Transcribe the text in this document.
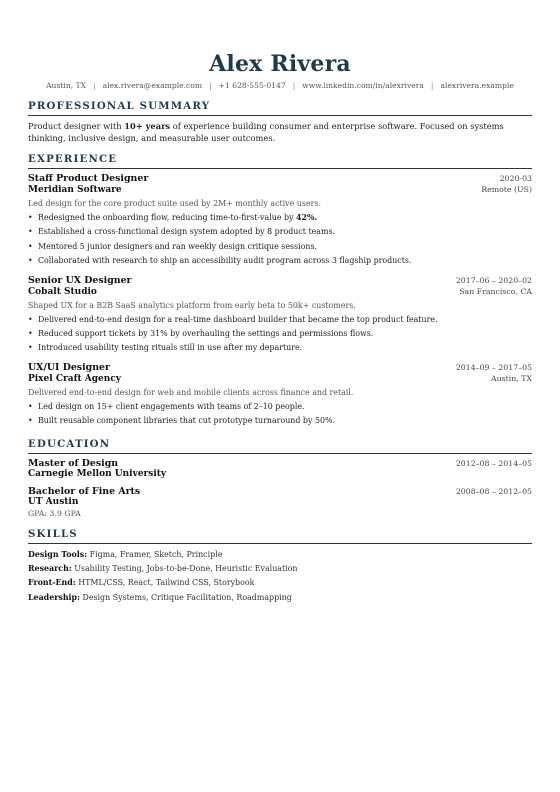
Alex Rivera
Austin, TX | alex.rivera@example.com | +1 628-555-0147 | www.linkedin.com/in/alexrivera | alexrivera.example
PROFESSIONAL SUMMARY

Product designer with 10+ years of experience building consumer and enterprise software. Focused on systems thinking, inclusive design, and measurable user outcomes.

EXPERIENCE
Staff Product Designer	2020-03
Meridian Software	Remote (US)
Led design for the core product suite used by 2M+ monthly active users.
• Redesigned the onboarding flow, reducing time-to-first-value by 42%.
• Established a cross-functional design system adopted by 8 product teams.
• Mentored 5 junior designers and ran weekly design critique sessions.
• Collaborated with research to ship an accessibility audit program across 3 flagship products.
Senior UX Designer	2017–06 – 2020–02
Cobalt Studio	San Francisco, CA
Shaped UX for a B2B SaaS analytics platform from early beta to 50k+ customers.
• Delivered end-to-end design for a real-time dashboard builder that became the top product feature.
• Reduced support tickets by 31% by overhauling the settings and permissions flows.
• Introduced usability testing rituals still in use after my departure.
UX/UI Designer	2014–09 – 2017–05
Pixel Craft Agency	Austin, TX
Delivered end-to-end design for web and mobile clients across finance and retail.
• Led design on 15+ client engagements with teams of 2–10 people.
• Built reusable component libraries that cut prototype turnaround by 50%.
EDUCATION
Master of Design	2012–08 – 2014–05
Carnegie Mellon University
Bachelor of Fine Arts	2008–08 – 2012–05
UT Austin
GPA: 3.9 GPA
SKILLS
Design Tools: Figma, Framer, Sketch, Principle
Research: Usability Testing, Jobs-to-be-Done, Heuristic Evaluation
Front-End: HTML/CSS, React, Tailwind CSS, Storybook
Leadership: Design Systems, Critique Facilitation, Roadmapping
